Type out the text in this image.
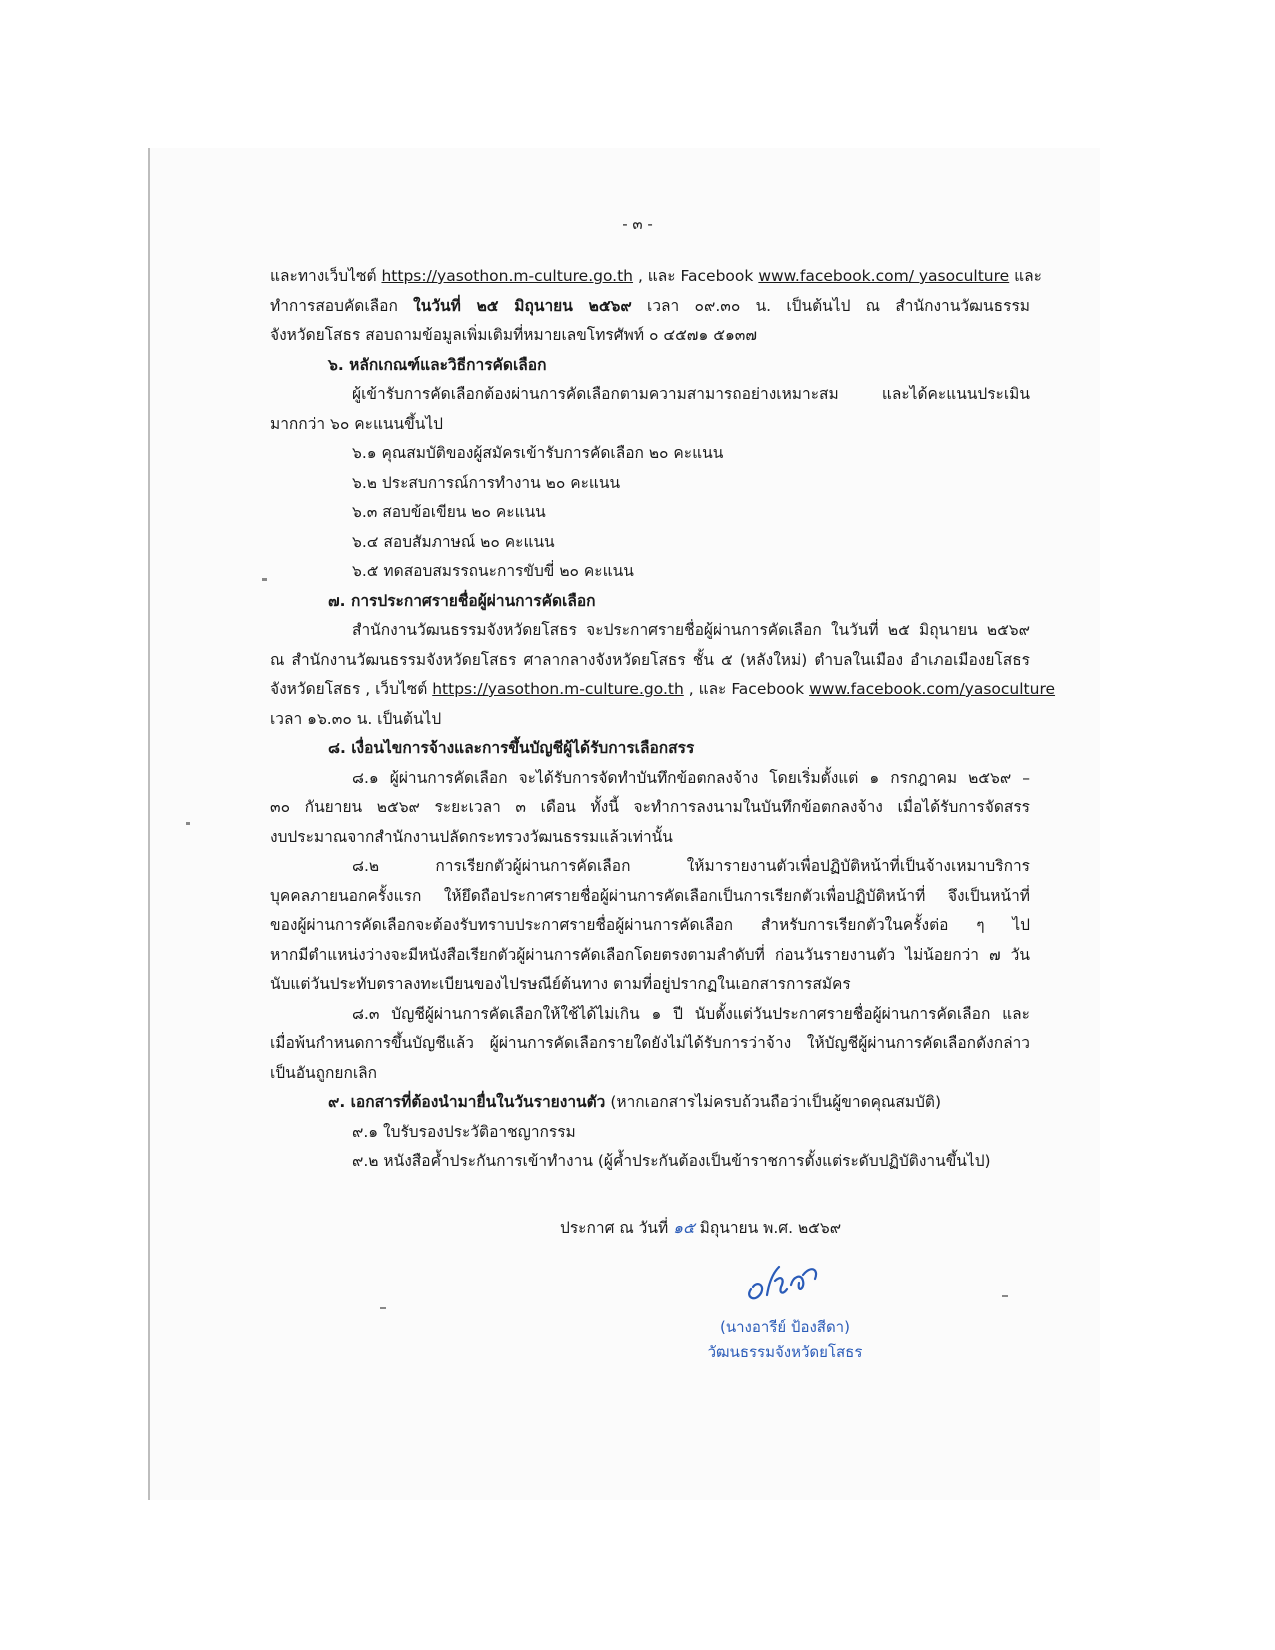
- ๓ -
และทางเว็บไซต์ https://yasothon.m-culture.go.th , และ Facebook www.facebook.com/ yasoculture และ
ทำการสอบคัดเลือก ในวันที่ ๒๕ มิถุนายน ๒๕๖๙ เวลา ๐๙.๓๐ น. เป็นต้นไป ณ สำนักงานวัฒนธรรม
จังหวัดยโสธร สอบถามข้อมูลเพิ่มเติมที่หมายเลขโทรศัพท์ ๐ ๔๕๗๑ ๕๑๓๗
๖. หลักเกณฑ์และวิธีการคัดเลือก
ผู้เข้ารับการคัดเลือกต้องผ่านการคัดเลือกตามความสามารถอย่างเหมาะสม และได้คะแนนประเมิน
มากกว่า ๖๐ คะแนนขึ้นไป
๖.๑ คุณสมบัติของผู้สมัครเข้ารับการคัดเลือก ๒๐ คะแนน
๖.๒ ประสบการณ์การทำงาน ๒๐ คะแนน
๖.๓ สอบข้อเขียน ๒๐ คะแนน
๖.๔ สอบสัมภาษณ์ ๒๐ คะแนน
๖.๕ ทดสอบสมรรถนะการขับขี่ ๒๐ คะแนน
๗. การประกาศรายชื่อผู้ผ่านการคัดเลือก
สำนักงานวัฒนธรรมจังหวัดยโสธร จะประกาศรายชื่อผู้ผ่านการคัดเลือก ในวันที่ ๒๕ มิถุนายน ๒๕๖๙
ณ สำนักงานวัฒนธรรมจังหวัดยโสธร ศาลากลางจังหวัดยโสธร ชั้น ๕ (หลังใหม่) ตำบลในเมือง อำเภอเมืองยโสธร
จังหวัดยโสธร , เว็บไซต์ https://yasothon.m-culture.go.th , และ Facebook www.facebook.com/yasoculture
เวลา ๑๖.๓๐ น. เป็นต้นไป
๘. เงื่อนไขการจ้างและการขึ้นบัญชีผู้ได้รับการเลือกสรร
๘.๑ ผู้ผ่านการคัดเลือก จะได้รับการจัดทำบันทึกข้อตกลงจ้าง โดยเริ่มตั้งแต่ ๑ กรกฎาคม ๒๕๖๙ –
๓๐ กันยายน ๒๕๖๙ ระยะเวลา ๓ เดือน ทั้งนี้ จะทำการลงนามในบันทึกข้อตกลงจ้าง เมื่อได้รับการจัดสรร
งบประมาณจากสำนักงานปลัดกระทรวงวัฒนธรรมแล้วเท่านั้น
๘.๒ การเรียกตัวผู้ผ่านการคัดเลือก ให้มารายงานตัวเพื่อปฏิบัติหน้าที่เป็นจ้างเหมาบริการ
บุคคลภายนอกครั้งแรก ให้ยึดถือประกาศรายชื่อผู้ผ่านการคัดเลือกเป็นการเรียกตัวเพื่อปฏิบัติหน้าที่ จึงเป็นหน้าที่
ของผู้ผ่านการคัดเลือกจะต้องรับทราบประกาศรายชื่อผู้ผ่านการคัดเลือก สำหรับการเรียกตัวในครั้งต่อ ๆ ไป
หากมีตำแหน่งว่างจะมีหนังสือเรียกตัวผู้ผ่านการคัดเลือกโดยตรงตามลำดับที่ ก่อนวันรายงานตัว ไม่น้อยกว่า ๗ วัน
นับแต่วันประทับตราลงทะเบียนของไปรษณีย์ต้นทาง ตามที่อยู่ปรากฏในเอกสารการสมัคร
๘.๓ บัญชีผู้ผ่านการคัดเลือกให้ใช้ได้ไม่เกิน ๑ ปี นับตั้งแต่วันประกาศรายชื่อผู้ผ่านการคัดเลือก และ
เมื่อพ้นกำหนดการขึ้นบัญชีแล้ว ผู้ผ่านการคัดเลือกรายใดยังไม่ได้รับการว่าจ้าง ให้บัญชีผู้ผ่านการคัดเลือกดังกล่าว
เป็นอันถูกยกเลิก
๙. เอกสารที่ต้องนำมายื่นในวันรายงานตัว (หากเอกสารไม่ครบถ้วนถือว่าเป็นผู้ขาดคุณสมบัติ)
๙.๑ ใบรับรองประวัติอาชญากรรม
๙.๒ หนังสือค้ำประกันการเข้าทำงาน (ผู้ค้ำประกันต้องเป็นข้าราชการตั้งแต่ระดับปฏิบัติงานขึ้นไป)
ประกาศ ณ วันที่ ๑๕ มิถุนายน พ.ศ. ๒๕๖๙
(นางอารีย์ ป้องสีดา)
วัฒนธรรมจังหวัดยโสธร
